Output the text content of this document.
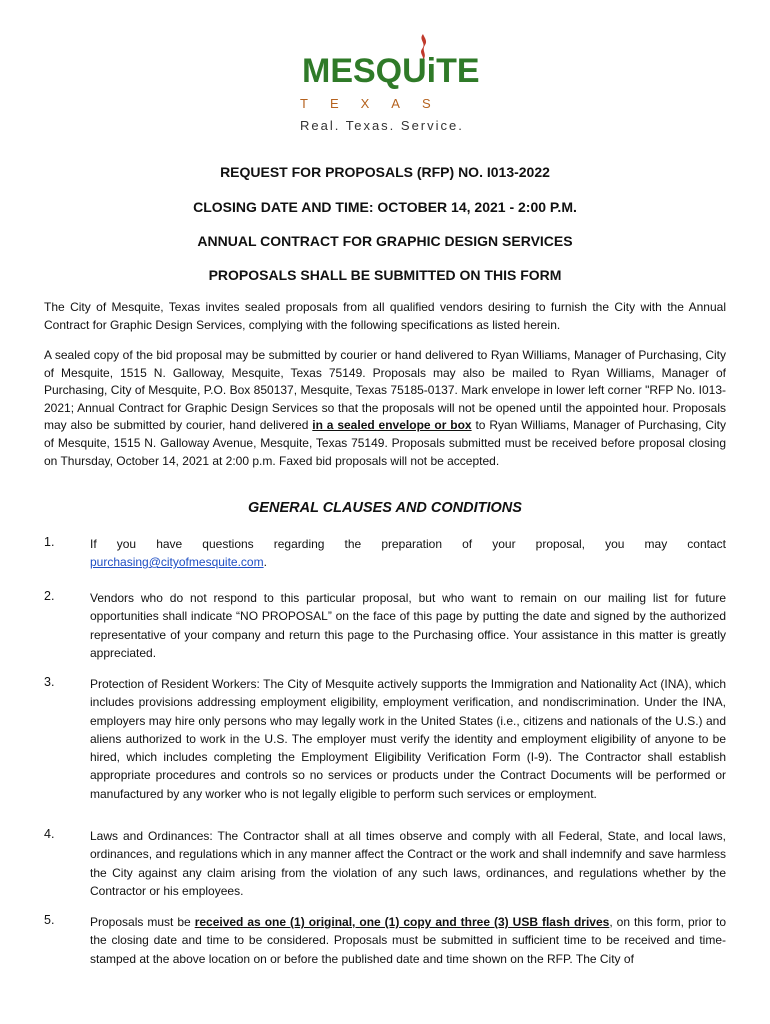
MESQUiTE
TEXAS
Real. Texas. Service.
REQUEST FOR PROPOSALS (RFP) NO. I013-2022
CLOSING DATE AND TIME: OCTOBER 14, 2021 - 2:00 P.M.
ANNUAL CONTRACT FOR GRAPHIC DESIGN SERVICES
PROPOSALS SHALL BE SUBMITTED ON THIS FORM

The City of Mesquite, Texas invites sealed proposals from all qualified vendors desiring to furnish the City with the Annual Contract for Graphic Design Services, complying with the following specifications as listed herein.

A sealed copy of the bid proposal may be submitted by courier or hand delivered to Ryan Williams, Manager of Purchasing, City of Mesquite, 1515 N. Galloway, Mesquite, Texas 75149. Proposals may also be mailed to Ryan Williams, Manager of Purchasing, City of Mesquite, P.O. Box 850137, Mesquite, Texas 75185-0137. Mark envelope in lower left corner "RFP No. I013-2021; Annual Contract for Graphic Design Services so that the proposals will not be opened until the appointed hour. Proposals may also be submitted by courier, hand delivered in a sealed envelope or box to Ryan Williams, Manager of Purchasing, City of Mesquite, 1515 N. Galloway Avenue, Mesquite, Texas 75149. Proposals submitted must be received before proposal closing on Thursday, October 14, 2021 at 2:00 p.m. Faxed bid proposals will not be accepted.

GENERAL CLAUSES AND CONDITIONS
1.	If you have questions regarding the preparation of your proposal, you may contact

purchasing@cityofmesquite.com.

2.	Vendors who do not respond to this particular proposal, but who want to remain on our mailing list for future opportunities shall indicate “NO PROPOSAL” on the face of this page by putting the date and signed by the authorized representative of your company and return this page to the Purchasing office. Your assistance in this matter is greatly appreciated.

3.	Protection of Resident Workers: The City of Mesquite actively supports the Immigration and Nationality Act (INA), which includes provisions addressing employment eligibility, employment verification, and nondiscrimination. Under the INA, employers may hire only persons who may legally work in the United States (i.e., citizens and nationals of the U.S.) and aliens authorized to work in the U.S. The employer must verify the identity and employment eligibility of anyone to be hired, which includes completing the Employment Eligibility Verification Form (I-9). The Contractor shall establish appropriate procedures and controls so no services or products under the Contract Documents will be performed or manufactured by any worker who is not legally eligible to perform such services or employment.

4.	Laws and Ordinances: The Contractor shall at all times observe and comply with all Federal, State, and local laws, ordinances, and regulations which in any manner affect the Contract or the work and shall indemnify and save harmless the City against any claim arising from the violation of any such laws, ordinances, and regulations whether by the Contractor or his employees.

5.	Proposals must be received as one (1) original, one (1) copy and three (3) USB flash drives, on this form, prior to the closing date and time to be considered. Proposals must be submitted in sufficient time to be received and time-stamped at the above location on or before the published date and time shown on the RFP. The City of
